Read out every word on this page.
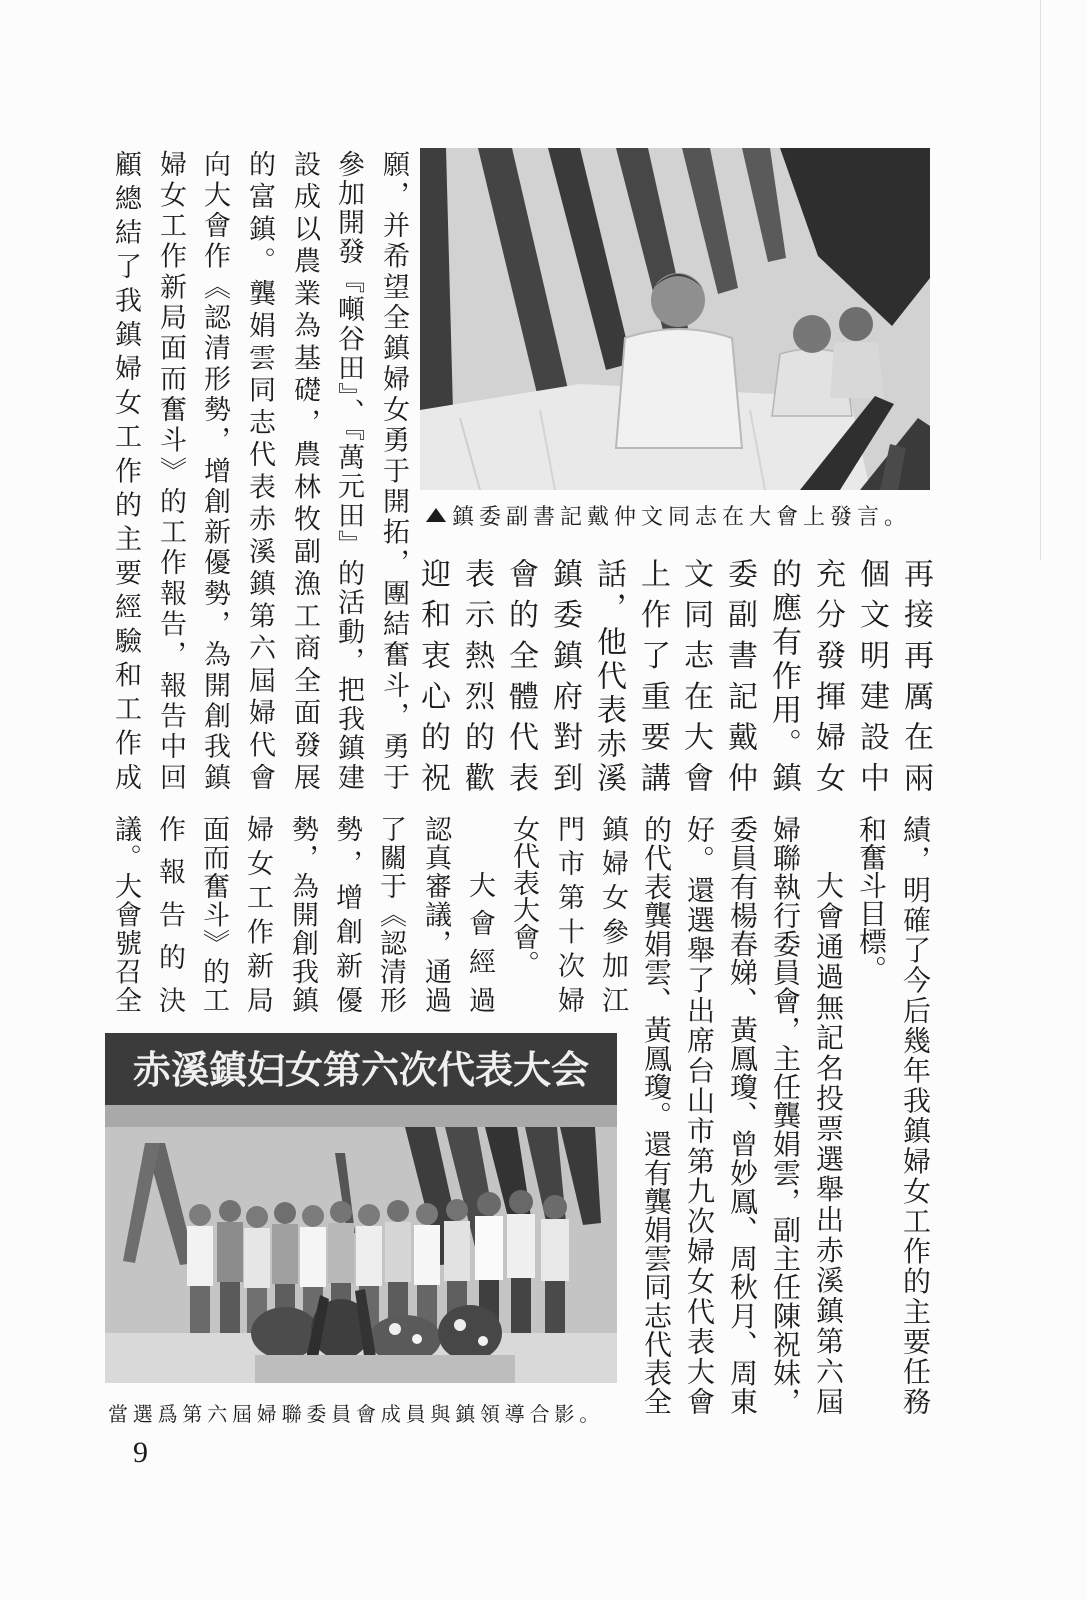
鎮委副書記戴仲文同志在大會上發言。
再接再厲在兩
個文明建設中
充分發揮婦女
的應有作用。鎮
委副書記戴仲
文同志在大會
上作了重要講
話，他代表赤溪
鎮委鎮府對到
會的全體代表
表示熱烈的歡
迎和衷心的祝
願，并希望全鎮婦女勇于開拓，團結奮斗，勇于
參加開發『噸谷田』、『萬元田』的活動，把我鎮建
設成以農業為基礎，農林牧副漁工商全面發展
的富鎮。龔娟雲同志代表赤溪鎮第六屆婦代會
向大會作《認清形勢，增創新優勢，為開創我鎮
婦女工作新局面而奮斗》的工作報告，報告中回
顧總結了我鎮婦女工作的主要經驗和工作成
績，明確了今后幾年我鎮婦女工作的主要任務
和奮斗目標。
大會通過無記名投票選舉出赤溪鎮第六屆
婦聯執行委員會，主任龔娟雲，副主任陳祝妹，
委員有楊春娣、黃鳳瓊、曾妙鳳、周秋月、周東
好。還選舉了出席台山市第九次婦女代表大會
的代表龔娟雲、黃鳳瓊。還有龔娟雲同志代表全
鎮婦女參加江
門市第十次婦
女代表大會。
大會經過
認真審議，通過
了關于《認清形
勢，增創新優
勢，為開創我鎮
婦女工作新局
面而奮斗》的工
作報告的決
議。大會號召全
赤溪鎮妇女第六次代表大会
當選爲第六屆婦聯委員會成員與鎮領導合影。
9
